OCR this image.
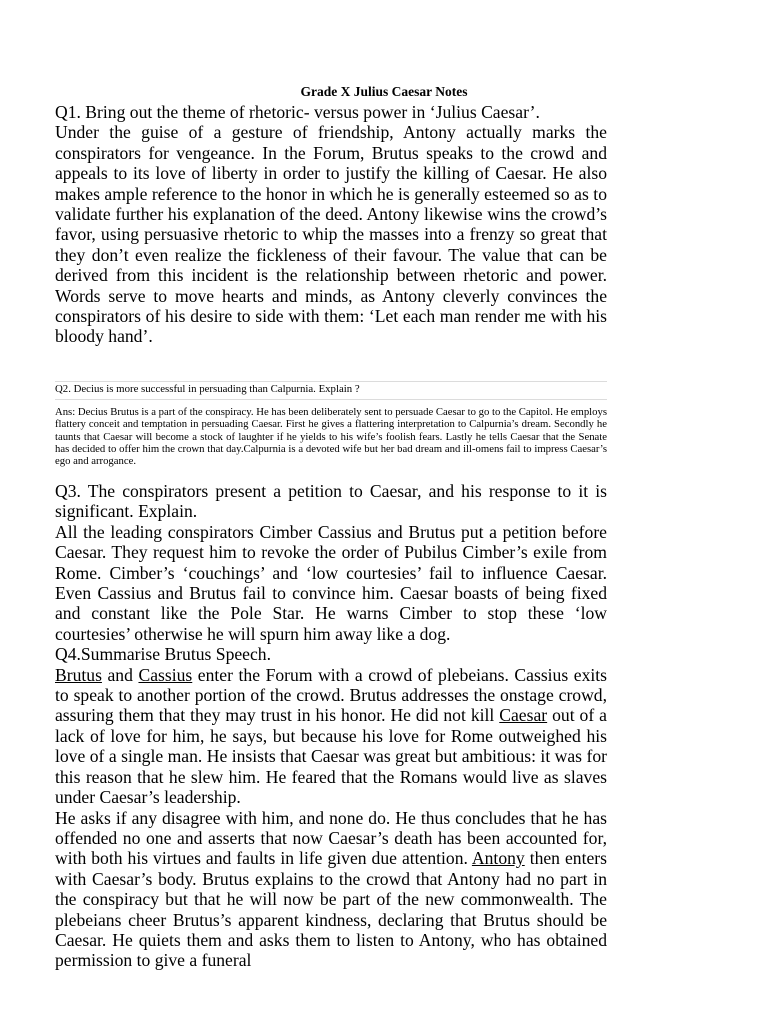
Grade X Julius Caesar Notes

Q1. Bring out the theme of rhetoric- versus power in ‘Julius Caesar’.

Under the guise of a gesture of friendship, Antony actually marks the conspirators for vengeance. In the Forum, Brutus speaks to the crowd and appeals to its love of liberty in order to justify the killing of Caesar. He also makes ample reference to the honor in which he is generally esteemed so as to validate further his explanation of the deed. Antony likewise wins the crowd’s favor, using persuasive rhetoric to whip the masses into a frenzy so great that they don’t even realize the fickleness of their favour. The value that can be derived from this incident is the relationship between rhetoric and power. Words serve to move hearts and minds, as Antony cleverly convinces the conspirators of his desire to side with them: ‘Let each man render me with his bloody hand’.

Q2. Decius is more successful in persuading than Calpurnia. Explain ?
Ans: Decius Brutus is a part of the conspiracy. He has been deliberately sent to persuade Caesar to go to the Capitol. He employs flattery conceit and temptation in persuading Caesar. First he gives a flattering interpretation to Calpurnia’s dream. Secondly he taunts that Caesar will become a stock of laughter if he yields to his wife’s foolish fears. Lastly he tells Caesar that the Senate has decided to offer him the crown that day.Calpurnia is a devoted wife but her bad dream and ill-omens fail to impress Caesar’s ego and arrogance.

Q3. The conspirators present a petition to Caesar, and his response to it is significant. Explain.

All the leading conspirators Cimber Cassius and Brutus put a petition before Caesar. They request him to revoke the order of Pubilus Cimber’s exile from Rome. Cimber’s ‘couchings’ and ‘low courtesies’ fail to influence Caesar. Even Cassius and Brutus fail to convince him. Caesar boasts of being fixed and constant like the Pole Star. He warns Cimber to stop these ‘low courtesies’ otherwise he will spurn him away like a dog.

Q4.Summarise Brutus Speech.

Brutus and Cassius enter the Forum with a crowd of plebeians. Cassius exits to speak to another portion of the crowd. Brutus addresses the onstage crowd, assuring them that they may trust in his honor. He did not kill Caesar out of a lack of love for him, he says, but because his love for Rome outweighed his love of a single man. He insists that Caesar was great but ambitious: it was for this reason that he slew him. He feared that the Romans would live as slaves under Caesar’s leadership.

He asks if any disagree with him, and none do. He thus concludes that he has offended no one and asserts that now Caesar’s death has been accounted for, with both his virtues and faults in life given due attention. Antony then enters with Caesar’s body. Brutus explains to the crowd that Antony had no part in the conspiracy but that he will now be part of the new commonwealth. The plebeians cheer Brutus’s apparent kindness, declaring that Brutus should be Caesar. He quiets them and asks them to listen to Antony, who has obtained permission to give a funeral
